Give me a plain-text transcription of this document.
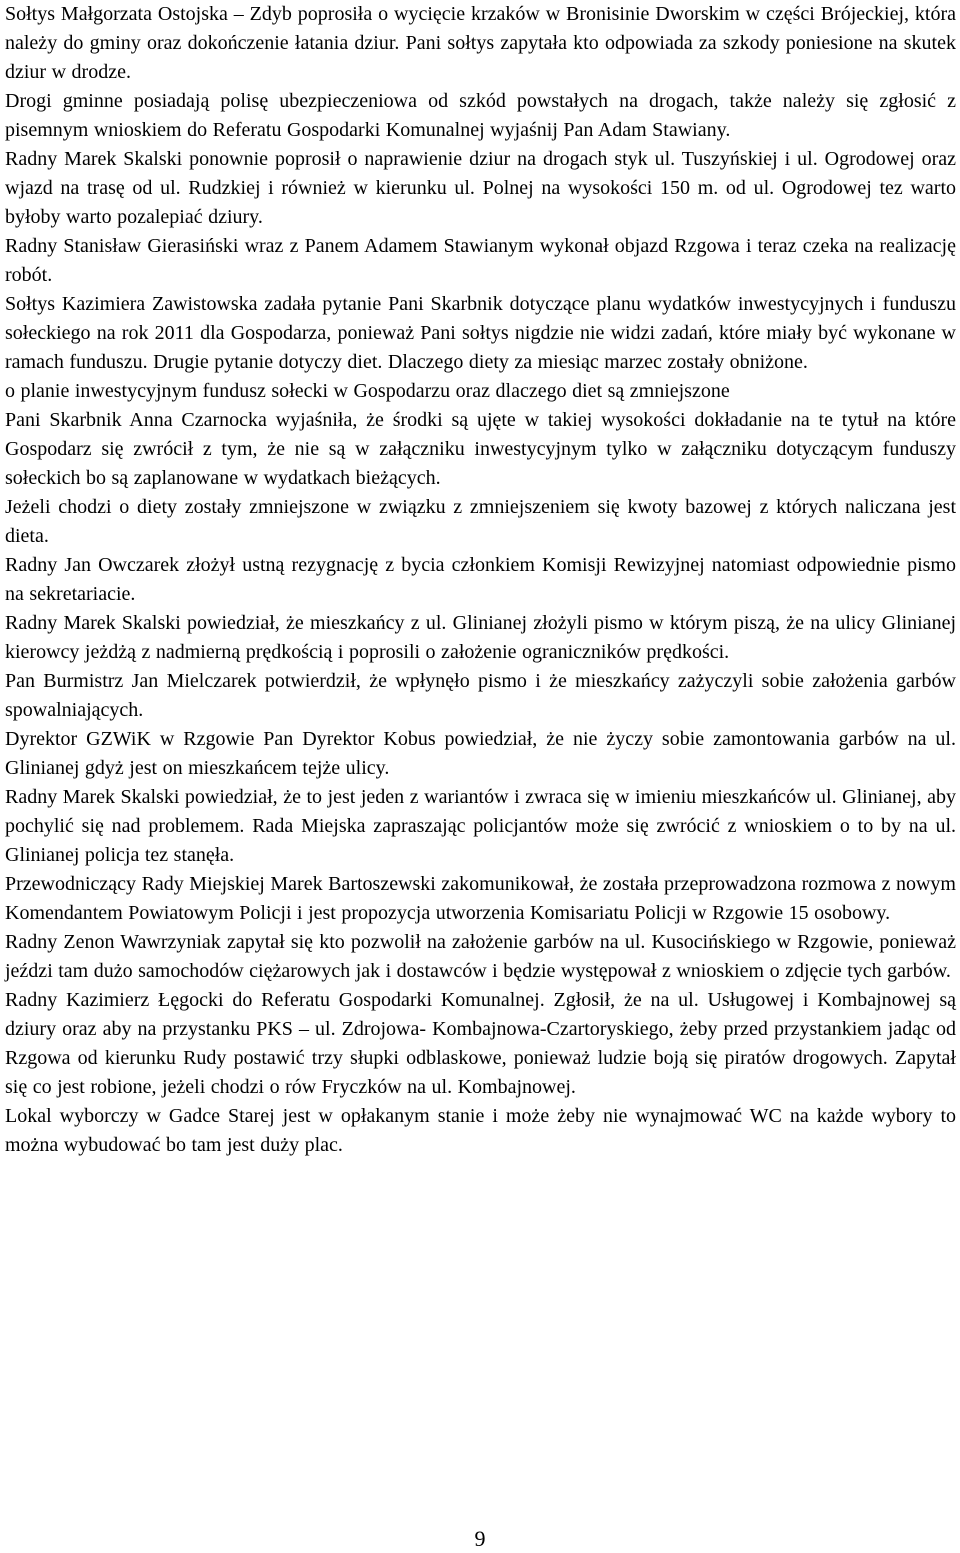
Sołtys Małgorzata Ostojska – Zdyb poprosiła o wycięcie krzaków w Bronisinie Dworskim w części Brójeckiej, która należy do gminy oraz dokończenie łatania dziur. Pani sołtys zapytała kto odpowiada za szkody poniesione na skutek dziur w drodze.

Drogi gminne posiadają polisę ubezpieczeniowa od szkód powstałych na drogach, także należy się zgłosić z pisemnym wnioskiem do Referatu Gospodarki Komunalnej wyjaśnij Pan Adam Stawiany.

Radny Marek Skalski ponownie poprosił o naprawienie dziur na drogach styk ul. Tuszyńskiej i ul. Ogrodowej oraz wjazd na trasę od ul. Rudzkiej i również w kierunku ul. Polnej na wysokości 150 m. od ul. Ogrodowej tez warto byłoby warto pozalepiać dziury.

Radny Stanisław Gierasiński wraz z Panem Adamem Stawianym wykonał objazd Rzgowa i teraz czeka na realizację robót.

Sołtys Kazimiera Zawistowska zadała pytanie Pani Skarbnik dotyczące planu wydatków inwestycyjnych i funduszu sołeckiego na rok 2011 dla Gospodarza, ponieważ Pani sołtys nigdzie nie widzi zadań, które miały być wykonane w ramach funduszu. Drugie pytanie dotyczy diet. Dlaczego diety za miesiąc marzec zostały obniżone.

o planie inwestycyjnym fundusz sołecki w Gospodarzu oraz dlaczego diet są zmniejszone

Pani Skarbnik Anna Czarnocka wyjaśniła, że środki są ujęte w takiej wysokości dokładanie na te tytuł na które Gospodarz się zwrócił z tym, że nie są w załączniku inwestycyjnym tylko w załączniku dotyczącym funduszy sołeckich bo są zaplanowane w wydatkach bieżących.

Jeżeli chodzi o diety zostały zmniejszone w związku z zmniejszeniem się kwoty bazowej z których naliczana jest dieta.

Radny Jan Owczarek złożył ustną rezygnację z bycia członkiem Komisji Rewizyjnej natomiast odpowiednie pismo na sekretariacie.

Radny Marek Skalski powiedział, że mieszkańcy z ul. Glinianej złożyli pismo w którym piszą, że na ulicy Glinianej kierowcy jeżdżą z nadmierną prędkością i poprosili o założenie ograniczników prędkości.

Pan Burmistrz Jan Mielczarek potwierdził, że wpłynęło pismo i że mieszkańcy zażyczyli sobie założenia garbów spowalniających.

Dyrektor GZWiK w Rzgowie Pan Dyrektor Kobus powiedział, że nie życzy sobie zamontowania garbów na ul. Glinianej gdyż jest on mieszkańcem tejże ulicy.

Radny Marek Skalski powiedział, że to jest jeden z wariantów i zwraca się w imieniu mieszkańców ul. Glinianej, aby pochylić się nad problemem. Rada Miejska zapraszając policjantów może się zwrócić z wnioskiem o to by na ul. Glinianej policja tez stanęła.

Przewodniczący Rady Miejskiej Marek Bartoszewski zakomunikował, że została przeprowadzona rozmowa z nowym Komendantem Powiatowym Policji i jest propozycja utworzenia Komisariatu Policji w Rzgowie 15 osobowy.

Radny Zenon Wawrzyniak zapytał się kto pozwolił na założenie garbów na ul. Kusocińskiego w Rzgowie, ponieważ jeździ tam dużo samochodów ciężarowych jak i dostawców i będzie występował z wnioskiem o zdjęcie tych garbów.

Radny Kazimierz Łęgocki do Referatu Gospodarki Komunalnej. Zgłosił, że na ul. Usługowej i Kombajnowej są dziury oraz aby na przystanku PKS – ul. Zdrojowa- Kombajnowa-Czartoryskiego, żeby przed przystankiem jadąc od Rzgowa od kierunku Rudy postawić trzy słupki odblaskowe, ponieważ ludzie boją się piratów drogowych. Zapytał się co jest robione, jeżeli chodzi o rów Fryczków na ul. Kombajnowej.

Lokal wyborczy w Gadce Starej jest w opłakanym stanie i może żeby nie wynajmować WC na każde wybory to można wybudować bo tam jest duży plac.

9
